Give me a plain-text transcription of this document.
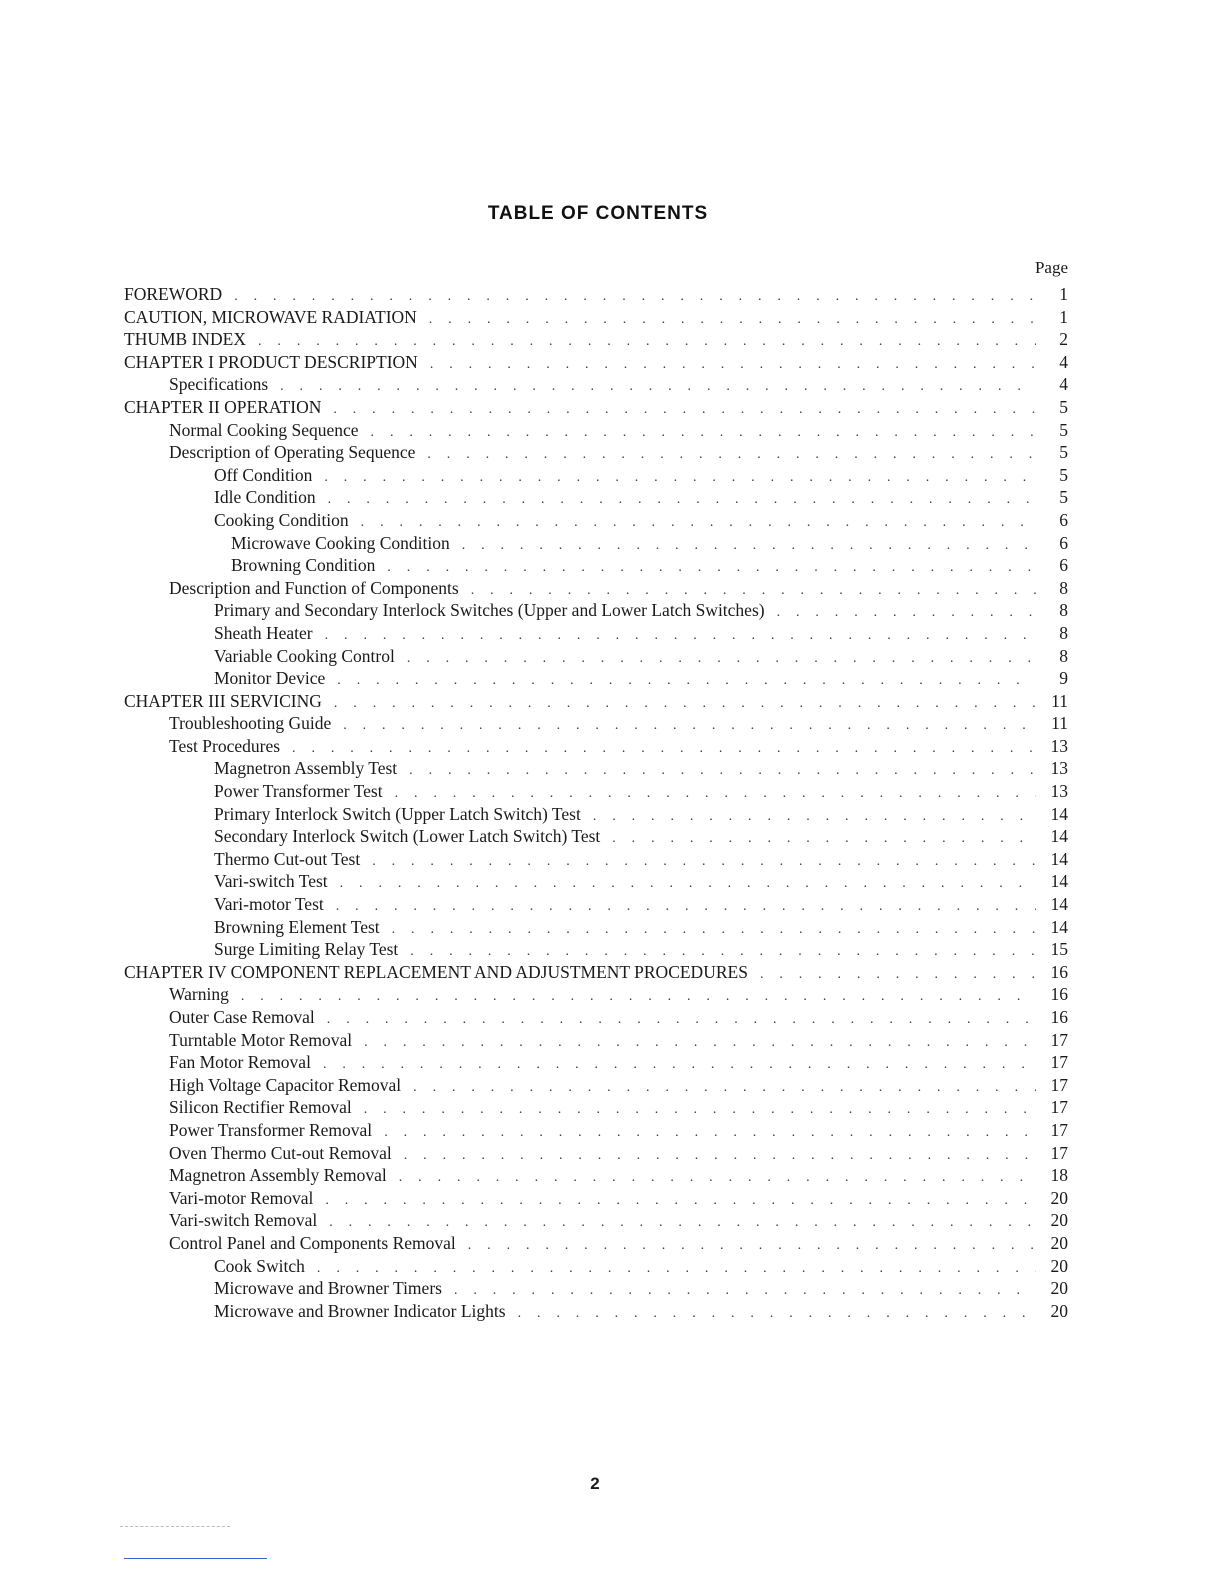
TABLE OF CONTENTS
Page
FOREWORD . . .	1
CAUTION, MICROWAVE RADIATION . . .	1
THUMB INDEX . . .	2
CHAPTER I PRODUCT DESCRIPTION . . .	4
Specifications . . .	4
CHAPTER II OPERATION . . .	5
Normal Cooking Sequence . . .	5
Description of Operating Sequence . . .	5
Off Condition . . .	5
Idle Condition . . .	5
Cooking Condition . . .	6
Microwave Cooking Condition . . .	6
Browning Condition . . .	6
Description and Function of Components . . .	8
Primary and Secondary Interlock Switches (Upper and Lower Latch Switches) . . .	8
Sheath Heater . . .	8
Variable Cooking Control . . .	8
Monitor Device . . .	9
CHAPTER III SERVICING . . .	11
Troubleshooting Guide . . .	11
Test Procedures . . .	13
Magnetron Assembly Test . . .	13
Power Transformer Test . . .	13
Primary Interlock Switch (Upper Latch Switch) Test . . .	14
Secondary Interlock Switch (Lower Latch Switch) Test . . .	14
Thermo Cut-out Test . . .	14
Vari-switch Test . . .	14
Vari-motor Test . . .	14
Browning Element Test . . .	14
Surge Limiting Relay Test . . .	15
CHAPTER IV COMPONENT REPLACEMENT AND ADJUSTMENT PROCEDURES . . .	16
Warning . . .	16
Outer Case Removal . . .	16
Turntable Motor Removal . . .	17
Fan Motor Removal . . .	17
High Voltage Capacitor Removal . . .	17
Silicon Rectifier Removal . . .	17
Power Transformer Removal . . .	17
Oven Thermo Cut-out Removal . . .	17
Magnetron Assembly Removal . . .	18
Vari-motor Removal . . .	20
Vari-switch Removal . . .	20
Control Panel and Components Removal . . .	20
Cook Switch . . .	20
Microwave and Browner Timers . . .	20
Microwave and Browner Indicator Lights . . .	20
2
